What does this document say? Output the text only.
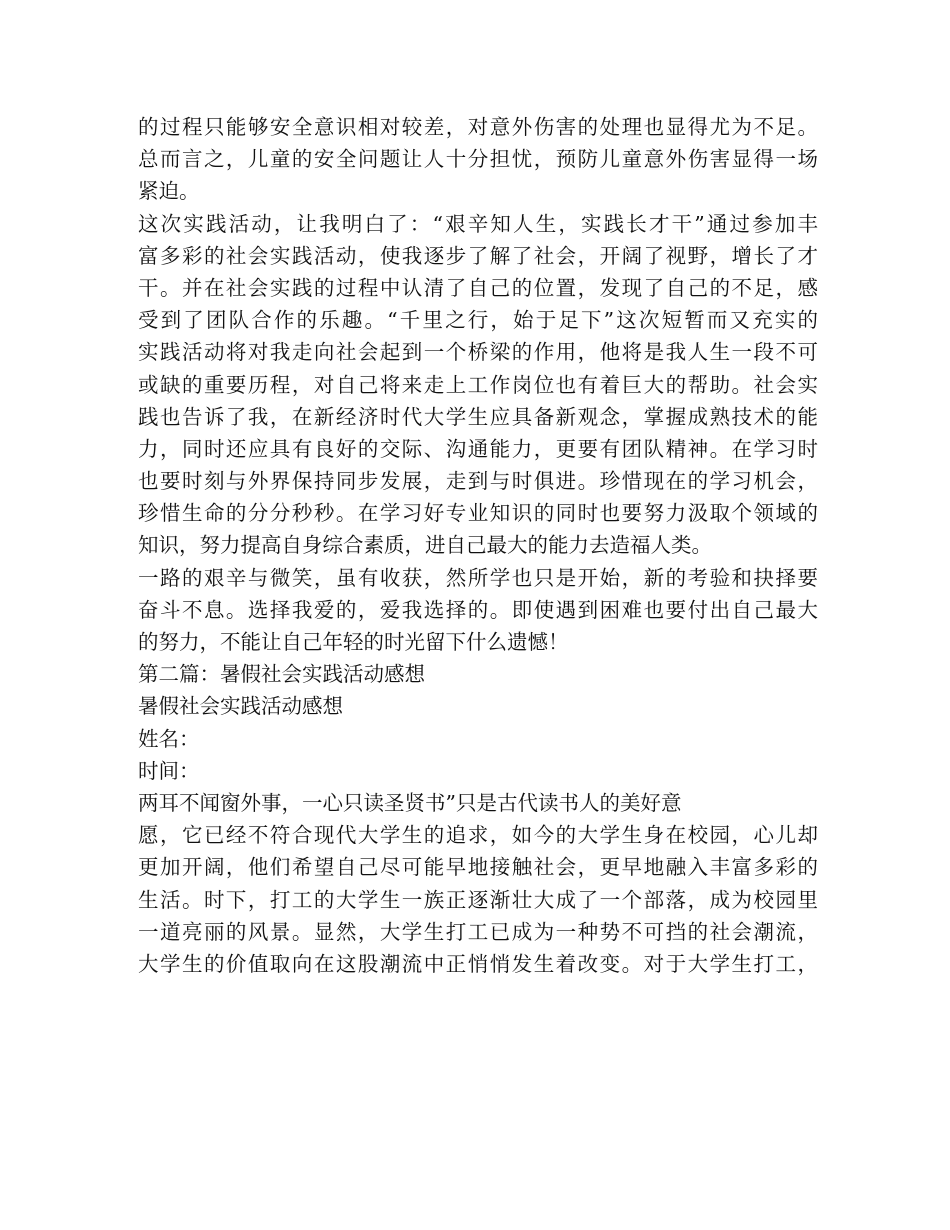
的过程只能够安全意识相对较差，对意外伤害的处理也显得尤为不足。
总而言之，儿童的安全问题让人十分担忧，预防儿童意外伤害显得一场
紧迫。
这次实践活动，让我明白了：“艰辛知人生，实践长才干”通过参加丰
富多彩的社会实践活动，使我逐步了解了社会，开阔了视野，增长了才
干。并在社会实践的过程中认清了自己的位置，发现了自己的不足，感
受到了团队合作的乐趣。“千里之行，始于足下”这次短暂而又充实的
实践活动将对我走向社会起到一个桥梁的作用，他将是我人生一段不可
或缺的重要历程，对自己将来走上工作岗位也有着巨大的帮助。社会实
践也告诉了我，在新经济时代大学生应具备新观念，掌握成熟技术的能
力，同时还应具有良好的交际、沟通能力，更要有团队精神。在学习时
也要时刻与外界保持同步发展，走到与时俱进。珍惜现在的学习机会，
珍惜生命的分分秒秒。在学习好专业知识的同时也要努力汲取个领域的
知识，努力提高自身综合素质，进自己最大的能力去造福人类。
一路的艰辛与微笑，虽有收获，然所学也只是开始，新的考验和抉择要
奋斗不息。选择我爱的，爱我选择的。即使遇到困难也要付出自己最大
的努力，不能让自己年轻的时光留下什么遗憾！
第二篇：暑假社会实践活动感想
暑假社会实践活动感想
姓名：
时间：
两耳不闻窗外事，一心只读圣贤书”只是古代读书人的美好意
愿，它已经不符合现代大学生的追求，如今的大学生身在校园，心儿却
更加开阔，他们希望自己尽可能早地接触社会，更早地融入丰富多彩的
生活。时下，打工的大学生一族正逐渐壮大成了一个部落，成为校园里
一道亮丽的风景。显然，大学生打工已成为一种势不可挡的社会潮流，
大学生的价值取向在这股潮流中正悄悄发生着改变。对于大学生打工，
